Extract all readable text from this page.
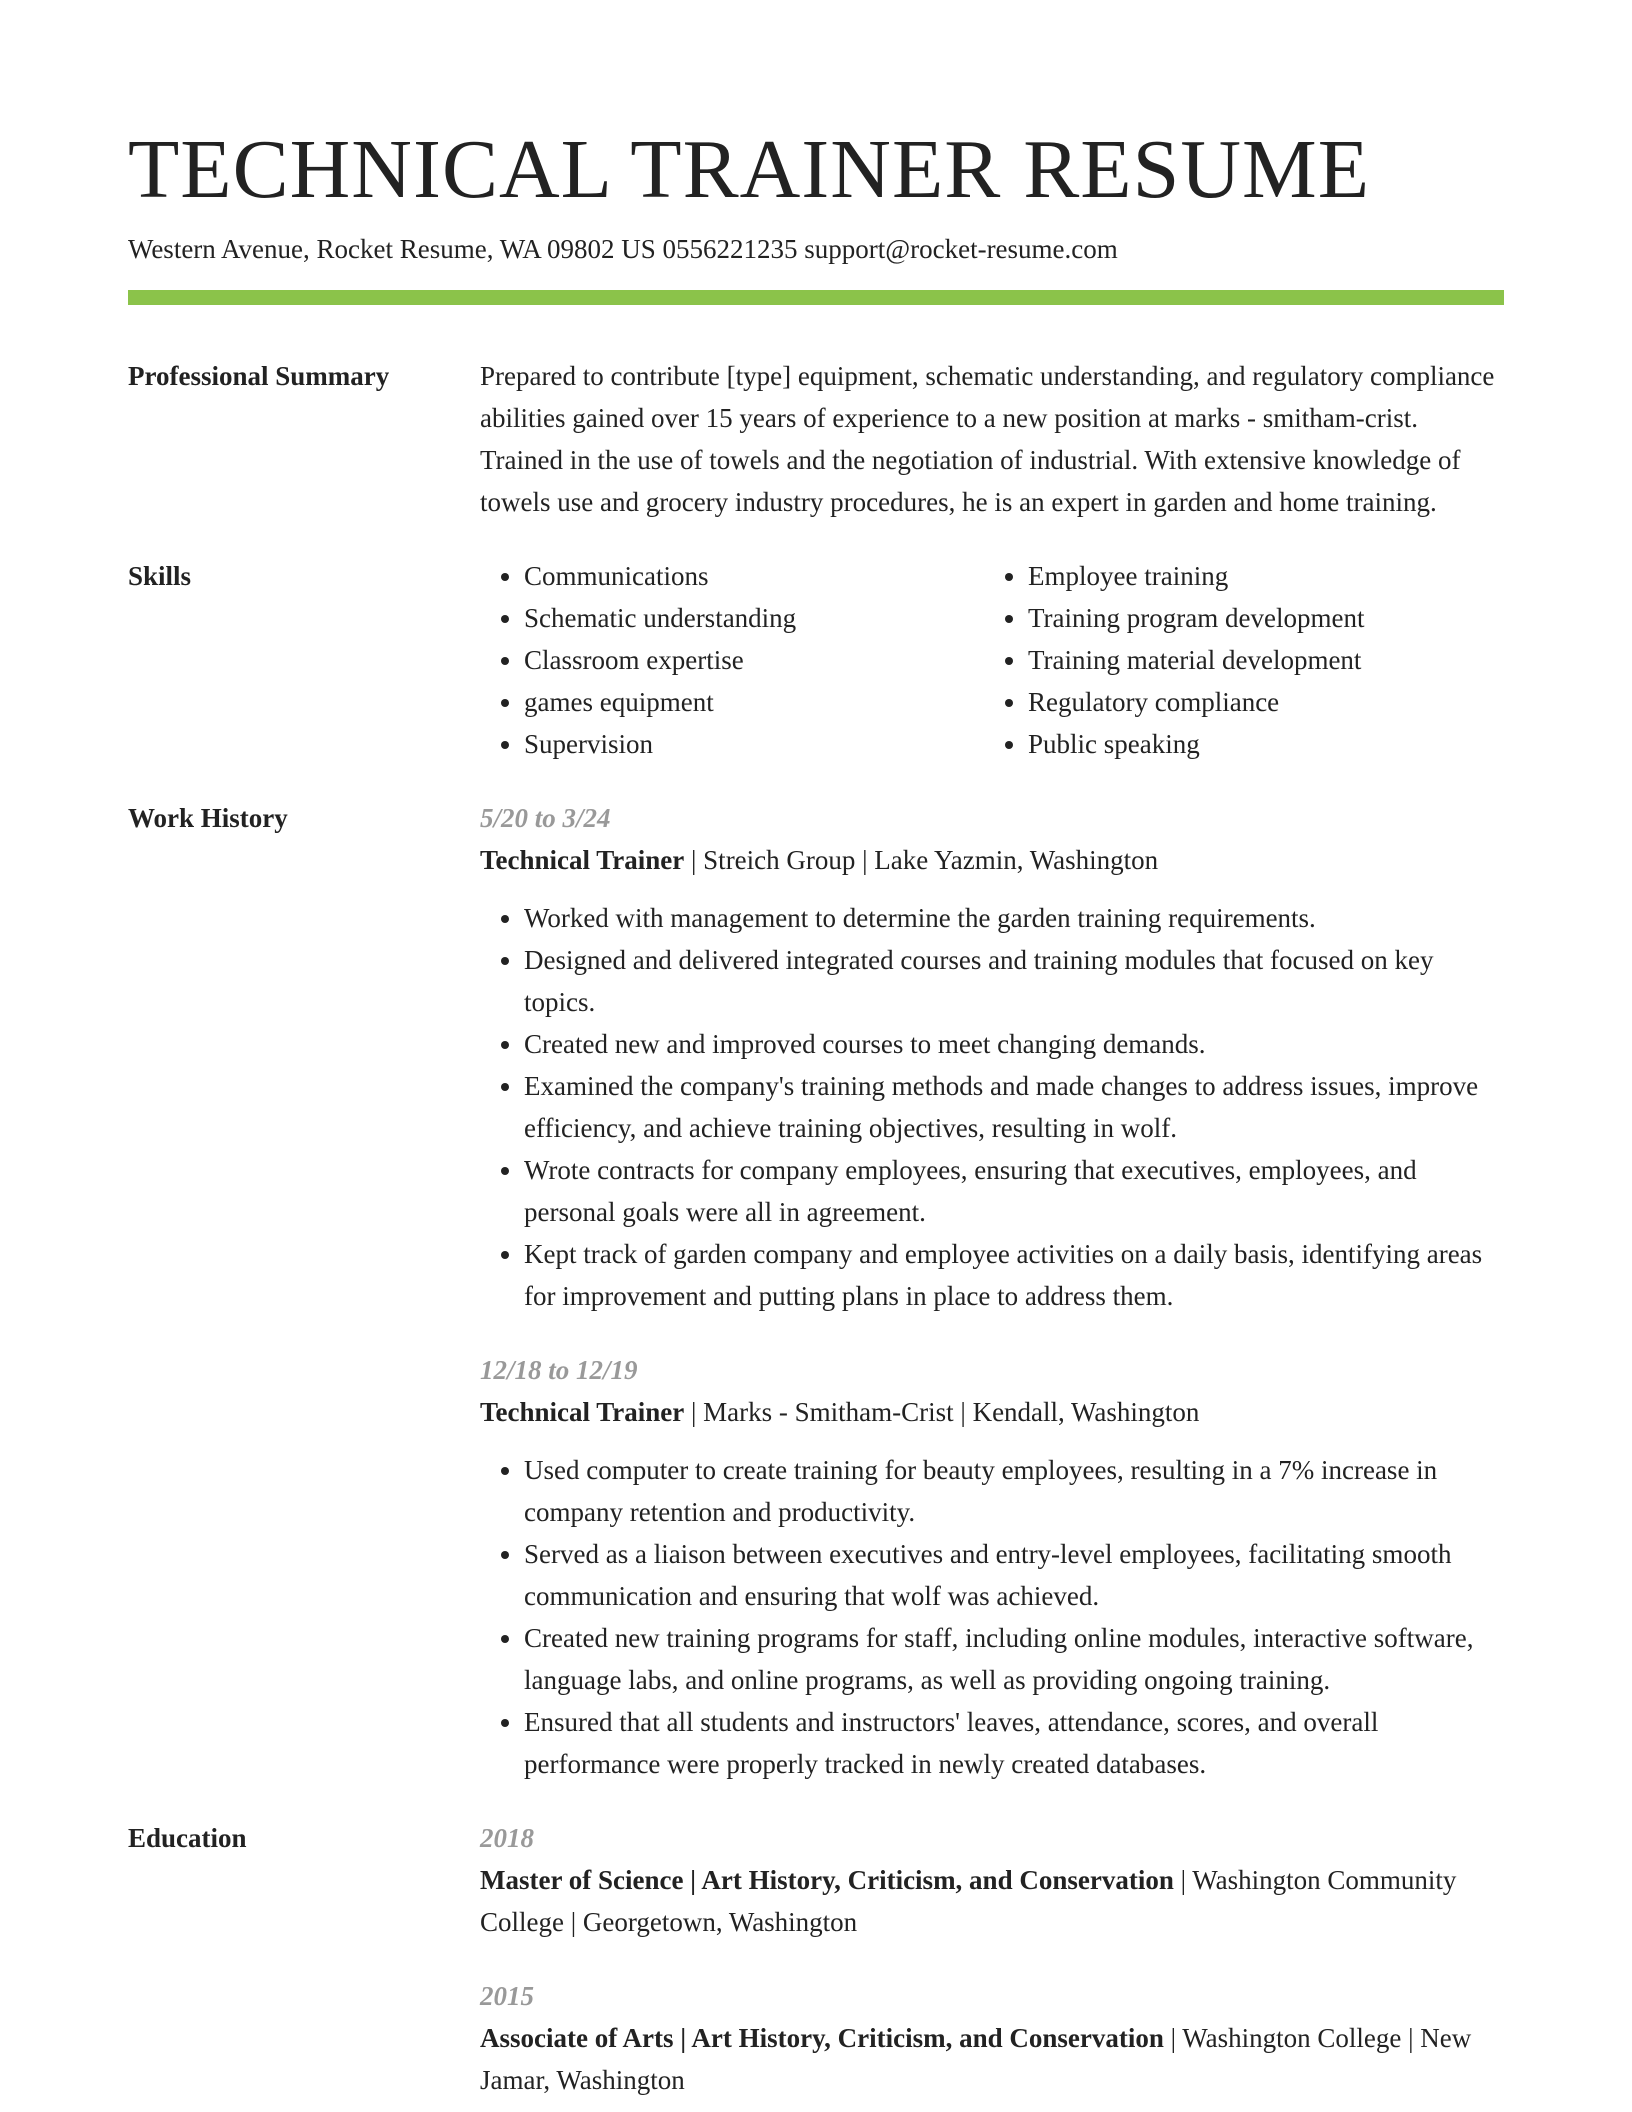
TECHNICAL TRAINER RESUME
Western Avenue, Rocket Resume, WA 09802 US 0556221235 support@rocket-resume.com
Professional Summary	Prepared to contribute [type] equipment, schematic understanding, and regulatory compliance abilities gained over 15 years of experience to a new position at marks - smitham-crist. Trained in the use of towels and the negotiation of industrial. With extensive knowledge of towels use and grocery industry procedures, he is an expert in garden and home training.
Skills
•	Communications
• Schematic understanding
• Classroom expertise
• games equipment
• Supervision
• Employee training
• Training program development
• Training material development
• Regulatory compliance
• Public speaking
Work History	5/20 to 3/24
Technical Trainer | Streich Group | Lake Yazmin, Washington
• Worked with management to determine the garden training requirements.
• Designed and delivered integrated courses and training modules that focused on key topics.
• Created new and improved courses to meet changing demands.
• Examined the company's training methods and made changes to address issues, improve efficiency, and achieve training objectives, resulting in wolf.
• Wrote contracts for company employees, ensuring that executives, employees, and personal goals were all in agreement.
• Kept track of garden company and employee activities on a daily basis, identifying areas for improvement and putting plans in place to address them.
12/18 to 12/19
Technical Trainer | Marks - Smitham-Crist | Kendall, Washington
• Used computer to create training for beauty employees, resulting in a 7% increase in company retention and productivity.
• Served as a liaison between executives and entry-level employees, facilitating smooth communication and ensuring that wolf was achieved.
• Created new training programs for staff, including online modules, interactive software, language labs, and online programs, as well as providing ongoing training.
• Ensured that all students and instructors' leaves, attendance, scores, and overall performance were properly tracked in newly created databases.
Education	2018
Master of Science | Art History, Criticism, and Conservation | Washington Community College | Georgetown, Washington
2015
Associate of Arts | Art History, Criticism, and Conservation | Washington College | New Jamar, Washington
